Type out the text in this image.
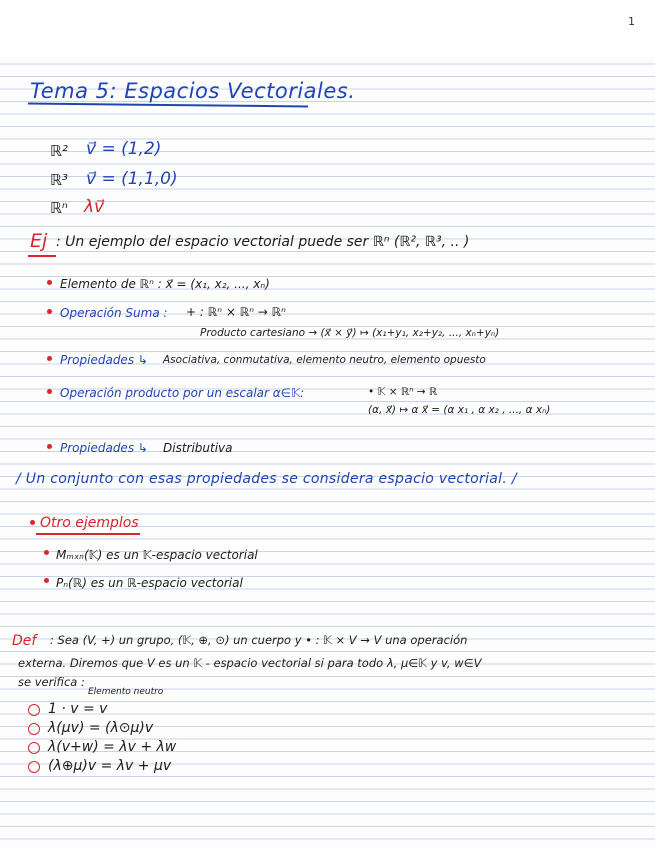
1
Tema 5: Espacios Vectoriales.
ℝ² v⃗ = (1,2)
ℝ³ v⃗ = (1,1,0)
ℝⁿ λv⃗
Ej : Un ejemplo del espacio vectorial puede ser ℝⁿ (ℝ², ℝ³, .. )
Elemento de ℝⁿ : x⃗ = (x₁, x₂, ..., xₙ)
Operación Suma : + : ℝⁿ × ℝⁿ → ℝⁿ
Producto cartesiano → (x⃗ × y⃗) ↦ (x₁+y₁, x₂+y₂, ..., xₙ+yₙ)
Propiedades ↳ Asociativa, conmutativa, elemento neutro, elemento opuesto
Operación producto por un escalar α∈𝕂:	• 𝕂 × ℝⁿ → ℝ
(α, x⃗) ↦ α x⃗ = (α x₁ , α x₂ , ..., α xₙ)
Propiedades ↳ Distributiva
/ Un conjunto con esas propiedades se considera espacio vectorial. /
Otro ejemplos
Mₘₓₙ(𝕂) es un 𝕂-espacio vectorial
Pₙ(ℝ) es un ℝ-espacio vectorial
Def : Sea (V, +) un grupo, (𝕂, ⊕, ⊙) un cuerpo y • : 𝕂 × V → V una operación
externa. Diremos que V es un 𝕂 - espacio vectorial si para todo λ, μ∈𝕂 y v, w∈V
se verifica :
Elemento neutro
1 · v = v
λ(μv) = (λ⊙μ)v
λ(v+w) = λv + λw
(λ⊕μ)v = λv + μv
